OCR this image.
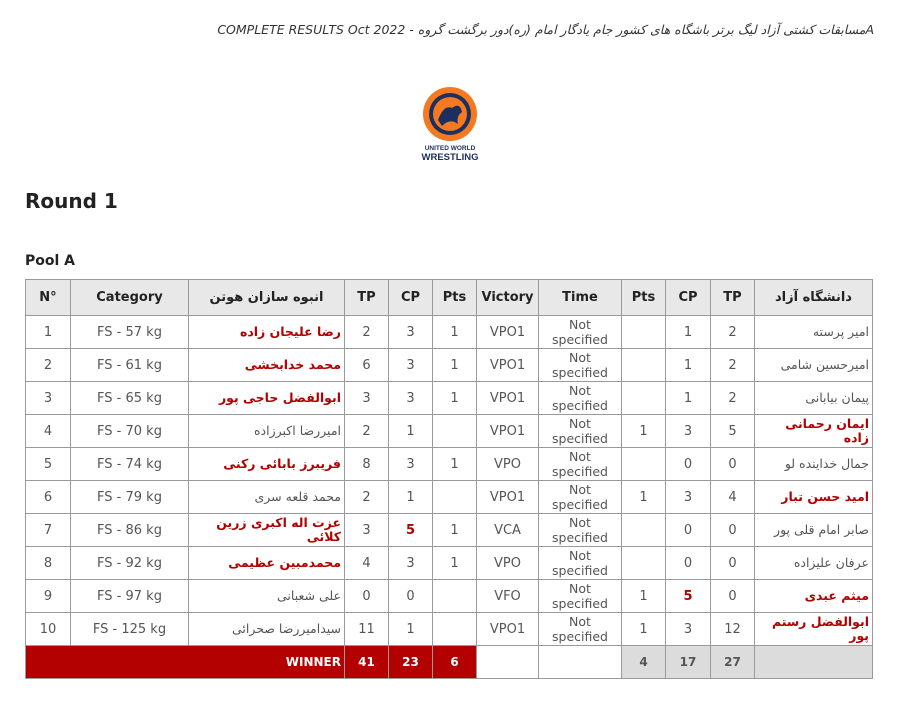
COMPLETE RESULTS Oct 2022 - مسابقات کشتی آزاد لیگ برتر باشگاه های کشور جام یادگار امام (ره)دور برگشت گروهA
UNITED WORLD
WRESTLING
Round 1
Pool A
N°	Category	انبوه سازان هوتن	TP	CP	Pts	Victory	Time	Pts	CP	TP	دانشگاه آزاد
1	FS - 57 kg	رضا علیجان زاده	2	3	1	VPO1	Not specified		1	2	امیر پرسته
2	FS - 61 kg	محمد خدابخشی	6	3	1	VPO1	Not specified		1	2	امیرحسین شامی
3	FS - 65 kg	ابوالفضل حاجی پور	3	3	1	VPO1	Not specified		1	2	پیمان بیابانی
4	FS - 70 kg	امیررضا اکبرزاده	2	1		VPO1	Not specified	1	3	5	ایمان رحمانی زاده
5	FS - 74 kg	فریبرز بابائی رکنی	8	3	1	VPO	Not specified		0	0	جمال خداینده لو
6	FS - 79 kg	محمد قلعه سری	2	1		VPO1	Not specified	1	3	4	امید حسن تبار
7	FS - 86 kg	عزت اله اکبری زرین کلائی	3	5	1	VCA	Not specified		0	0	صابر امام قلی پور
8	FS - 92 kg	محمدمبین عظیمی	4	3	1	VPO	Not specified		0	0	عرفان علیزاده
9	FS - 97 kg	علی شعبانی	0	0		VFO	Not specified	1	5	0	میثم عبدی
10	FS - 125 kg	سیدامیررضا صحرائی	11	1		VPO1	Not specified	1	3	12	ابوالفضل رستم پور
WINNER			41	23	6			4	17	27	
